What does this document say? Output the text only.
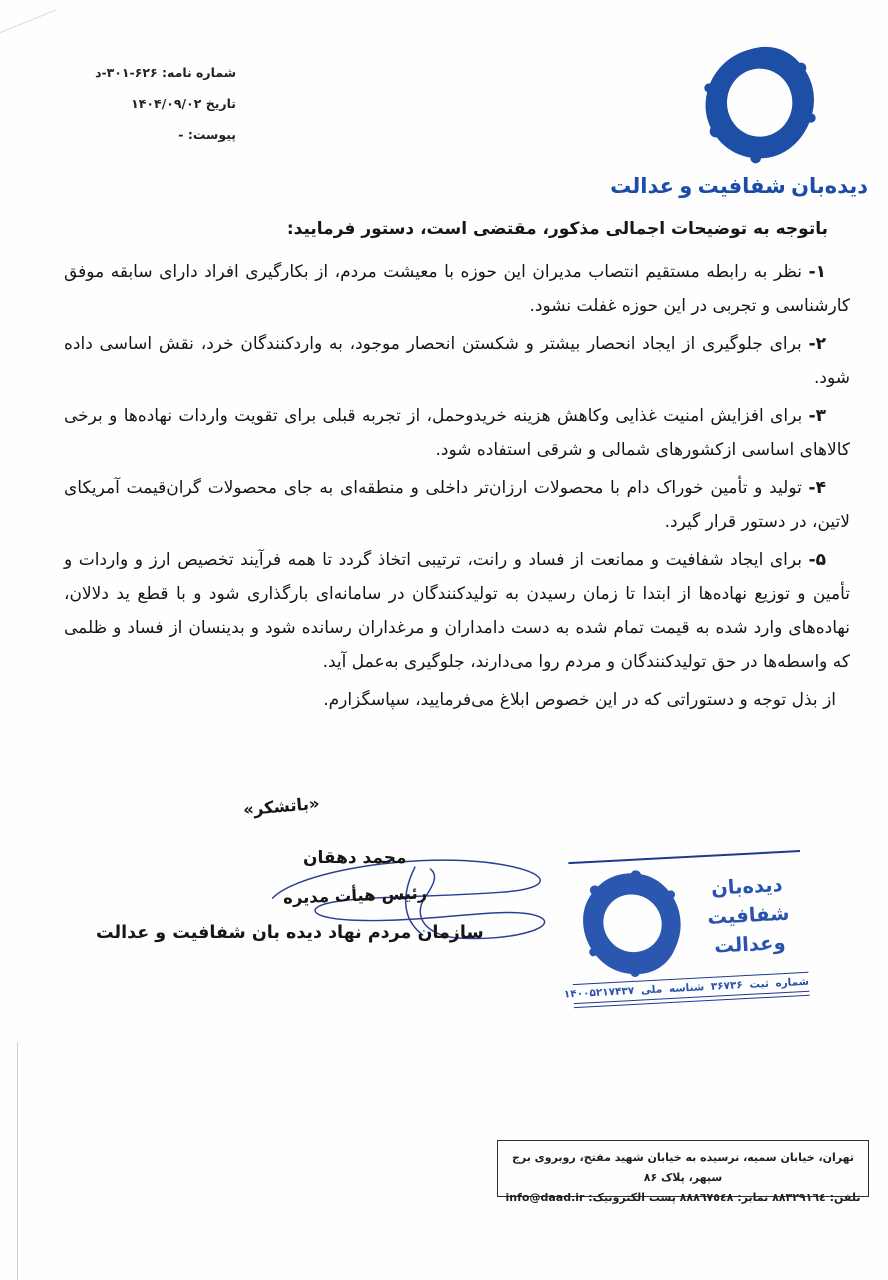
شماره نامه: د-۳۰۱-۶۲۶
تاریخ ۱۴۰۴/۰۹/۰۲
پیوست: -
دیده‌بان شفافیت و عدالت

باتوجه به توضیحات اجمالی مذکور، مقتضی است، دستور فرمایید:

۱- نظر به رابطه مستقیم انتصاب مدیران این حوزه با معیشت مردم، از بکارگیری افراد دارای سابقه موفق کارشناسی و تجربی در این حوزه غفلت نشود.

۲- برای جلوگیری از ایجاد انحصار بیشتر و شکستن انحصار موجود، به واردکنندگان خرد، نقش اساسی داده شود.

۳- برای افزایش امنیت غذایی وکاهش هزینه خریدوحمل، از تجربه قبلی برای تقویت واردات نهاده‌ها و برخی کالاهای اساسی ازکشورهای شمالی و شرقی استفاده شود.

۴- تولید و تأمین خوراک دام با محصولات ارزان‌تر داخلی و منطقه‌ای به جای محصولات گران‌قیمت آمریکای لاتین، در دستور قرار گیرد.

۵- برای ایجاد شفافیت و ممانعت از فساد و رانت، ترتیبی اتخاذ گردد تا همه فرآیند تخصیص ارز و واردات و تأمین و توزیع نهاده‌ها از ابتدا تا زمان رسیدن به تولیدکنندگان در سامانه‌ای بارگذاری شود و با قطع ید دلالان، نهاده‌های وارد شده به قیمت تمام شده به دست دامداران و مرغداران رسانده شود و بدینسان از فساد و ظلمی که واسطه‌ها در حق تولیدکنندگان و مردم روا می‌دارند، جلوگیری به‌عمل آید.

از بذل توجه و دستوراتی که در این خصوص ابلاغ می‌فرمایید، سپاسگزارم.

«باتشکر»
محمد دهقان
رئیس هیأت مدیره
سازمان مردم نهاد دیده بان شفافیت و عدالت
دیده‌بان
شفافیت
وعدالت
شماره ثبت ۳۶۷۳۶ شناسه ملی ۱۴۰۰۵۲۱۷۴۳۷
تهران، خیابان سمیه، نرسیده به خیابان شهید مفتح، روبروی برج سپهر، پلاک ۸۶
تلفن: ٨٨٣٢٩١٦٤ نمابر: ٨٨٨٦٧٥٤٨ پست الکترونیک: info@daad.ir
